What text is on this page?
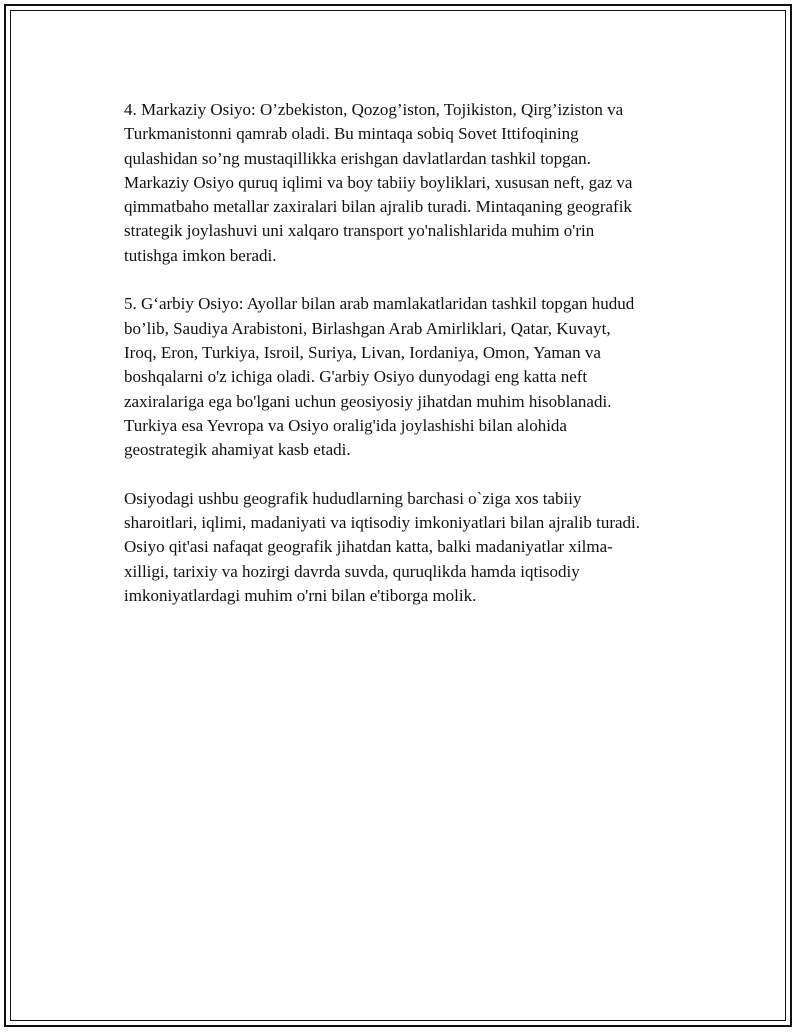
4. Markaziy Osiyo: O’zbekiston, Qozog’iston, Tojikiston, Qirg’iziston va
Turkmanistonni qamrab oladi. Bu mintaqa sobiq Sovet Ittifoqining
qulashidan so’ng mustaqillikka erishgan davlatlardan tashkil topgan.
Markaziy Osiyo quruq iqlimi va boy tabiiy boyliklari, xususan neft, gaz va
qimmatbaho metallar zaxiralari bilan ajralib turadi. Mintaqaning geografik
strategik joylashuvi uni xalqaro transport yo'nalishlarida muhim o'rin
tutishga imkon beradi.

5. G‘arbiy Osiyo: Ayollar bilan arab mamlakatlaridan tashkil topgan hudud
bo’lib, Saudiya Arabistoni, Birlashgan Arab Amirliklari, Qatar, Kuvayt,
Iroq, Eron, Turkiya, Isroil, Suriya, Livan, Iordaniya, Omon, Yaman va
boshqalarni o'z ichiga oladi. G'arbiy Osiyo dunyodagi eng katta neft
zaxiralariga ega bo'lgani uchun geosiyosiy jihatdan muhim hisoblanadi.
Turkiya esa Yevropa va Osiyo oralig'ida joylashishi bilan alohida
geostrategik ahamiyat kasb etadi.

Osiyodagi ushbu geografik hududlarning barchasi o`ziga xos tabiiy
sharoitlari, iqlimi, madaniyati va iqtisodiy imkoniyatlari bilan ajralib turadi.
Osiyo qit'asi nafaqat geografik jihatdan katta, balki madaniyatlar xilma-
xilligi, tarixiy va hozirgi davrda suvda, quruqlikda hamda iqtisodiy
imkoniyatlardagi muhim o'rni bilan e'tiborga molik.
